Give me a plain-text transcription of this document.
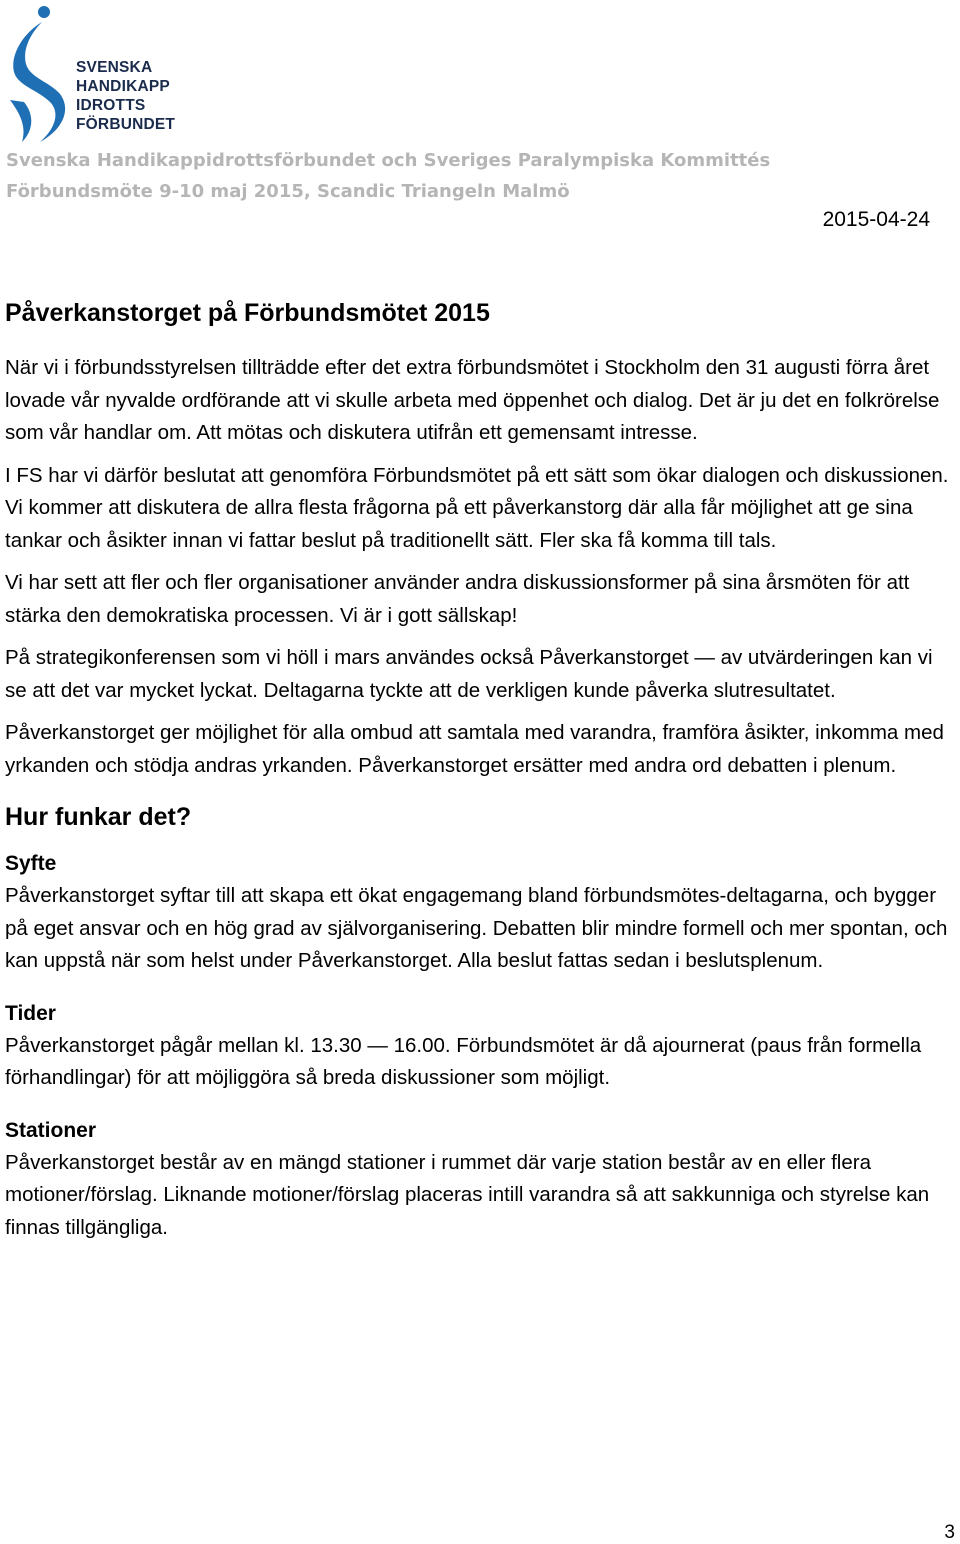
SVENSKA
HANDIKAPP
IDROTTS
FÖRBUNDET
Svenska Handikappidrottsförbundet och Sveriges Paralympiska Kommittés
Förbundsmöte 9-10 maj 2015, Scandic Triangeln Malmö
2015-04-24
Påverkanstorget på Förbundsmötet 2015

När vi i förbundsstyrelsen tillträdde efter det extra förbundsmötet i Stockholm den 31 augusti förra året lovade vår nyvalde ordförande att vi skulle arbeta med öppenhet och dialog. Det är ju det en folkrörelse som vår handlar om. Att mötas och diskutera utifrån ett gemensamt intresse.

I FS har vi därför beslutat att genomföra Förbundsmötet på ett sätt som ökar dialogen och diskussionen. Vi kommer att diskutera de allra flesta frågorna på ett påverkanstorg där alla får möjlighet att ge sina tankar och åsikter innan vi fattar beslut på traditionellt sätt. Fler ska få komma till tals.

Vi har sett att fler och fler organisationer använder andra diskussionsformer på sina årsmöten för att stärka den demokratiska processen. Vi är i gott sällskap!

På strategikonferensen som vi höll i mars användes också Påverkanstorget — av utvärderingen kan vi se att det var mycket lyckat. Deltagarna tyckte att de verkligen kunde påverka slutresultatet.

Påverkanstorget ger möjlighet för alla ombud att samtala med varandra, framföra åsikter, inkomma med yrkanden och stödja andras yrkanden. Påverkanstorget ersätter med andra ord debatten i plenum.

Hur funkar det?
Syfte

Påverkanstorget syftar till att skapa ett ökat engagemang bland förbundsmötes-deltagarna, och bygger på eget ansvar och en hög grad av självorganisering. Debatten blir mindre formell och mer spontan, och kan uppstå när som helst under Påverkanstorget. Alla beslut fattas sedan i beslutsplenum.

Tider

Påverkanstorget pågår mellan kl. 13.30 — 16.00. Förbundsmötet är då ajournerat (paus från formella förhandlingar) för att möjliggöra så breda diskussioner som möjligt.

Stationer

Påverkanstorget består av en mängd stationer i rummet där varje station består av en eller flera motioner/förslag. Liknande motioner/förslag placeras intill varandra så att sakkunniga och styrelse kan finnas tillgängliga.

3
